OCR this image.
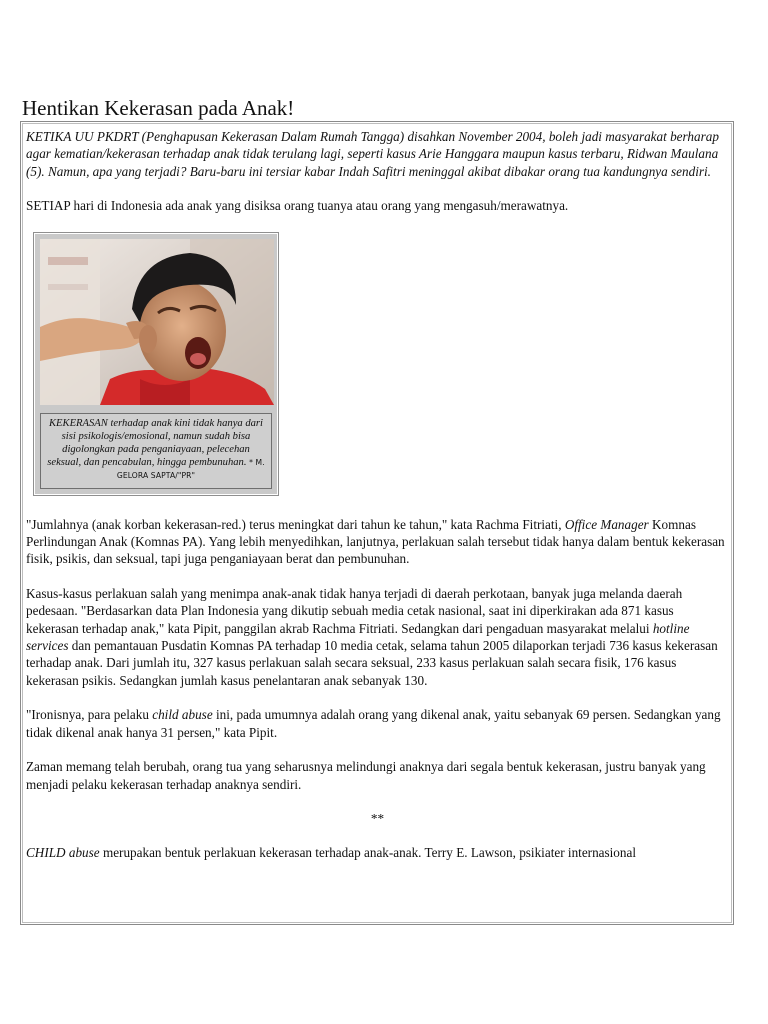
Hentikan Kekerasan pada Anak!

KETIKA UU PKDRT (Penghapusan Kekerasan Dalam Rumah Tangga) disahkan November 2004, boleh jadi masyarakat berharap agar kematian/kekerasan terhadap anak tidak terulang lagi, seperti kasus Arie Hanggara maupun kasus terbaru, Ridwan Maulana (5). Namun, apa yang terjadi? Baru-baru ini tersiar kabar Indah Safitri meninggal akibat dibakar orang tua kandungnya sendiri.

SETIAP hari di Indonesia ada anak yang disiksa orang tuanya atau orang yang mengasuh/merawatnya.

KEKERASAN terhadap anak kini tidak hanya dari sisi psikologis/emosional, namun sudah bisa digolongkan pada penganiayaan, pelecehan seksual, dan pencabulan, hingga pembunuhan. * M. GELORA SAPTA/"PR"

"Jumlahnya (anak korban kekerasan-red.) terus meningkat dari tahun ke tahun," kata Rachma Fitriati, Office Manager Komnas Perlindungan Anak (Komnas PA). Yang lebih menyedihkan, lanjutnya, perlakuan salah tersebut tidak hanya dalam bentuk kekerasan fisik, psikis, dan seksual, tapi juga penganiayaan berat dan pembunuhan.

Kasus-kasus perlakuan salah yang menimpa anak-anak tidak hanya terjadi di daerah perkotaan, banyak juga melanda daerah pedesaan. "Berdasarkan data Plan Indonesia yang dikutip sebuah media cetak nasional, saat ini diperkirakan ada 871 kasus kekerasan terhadap anak," kata Pipit, panggilan akrab Rachma Fitriati. Sedangkan dari pengaduan masyarakat melalui hotline services dan pemantauan Pusdatin Komnas PA terhadap 10 media cetak, selama tahun 2005 dilaporkan terjadi 736 kasus kekerasan terhadap anak. Dari jumlah itu, 327 kasus perlakuan salah secara seksual, 233 kasus perlakuan salah secara fisik, 176 kasus kekerasan psikis. Sedangkan jumlah kasus penelantaran anak sebanyak 130.

"Ironisnya, para pelaku child abuse ini, pada umumnya adalah orang yang dikenal anak, yaitu sebanyak 69 persen. Sedangkan yang tidak dikenal anak hanya 31 persen," kata Pipit.

Zaman memang telah berubah, orang tua yang seharusnya melindungi anaknya dari segala bentuk kekerasan, justru banyak yang menjadi pelaku kekerasan terhadap anaknya sendiri.

**

CHILD abuse merupakan bentuk perlakuan kekerasan terhadap anak-anak. Terry E. Lawson, psikiater internasional
